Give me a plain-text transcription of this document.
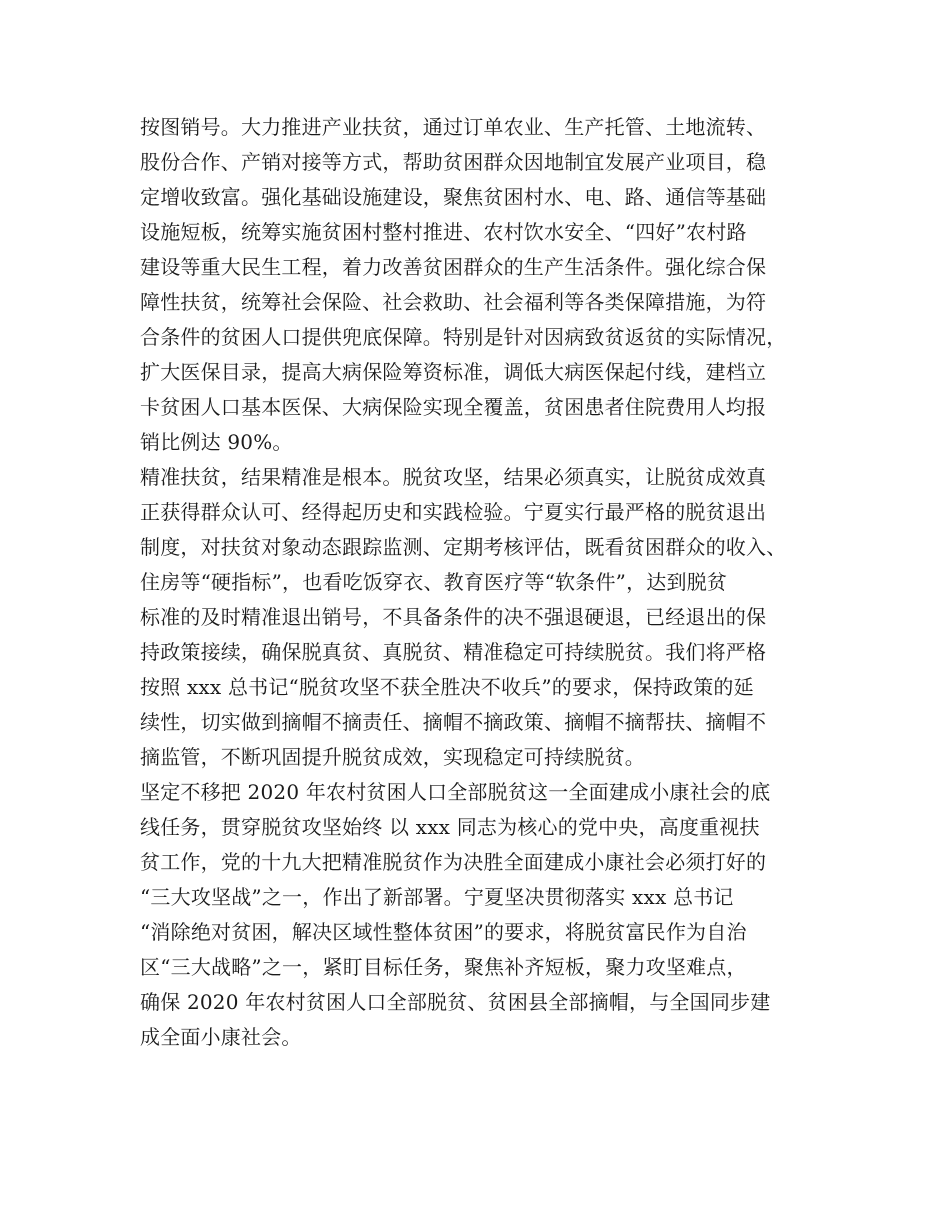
按图销号。大力推进产业扶贫，通过订单农业、生产托管、土地流转、
股份合作、产销对接等方式，帮助贫困群众因地制宜发展产业项目，稳
定增收致富。强化基础设施建设，聚焦贫困村水、电、路、通信等基础
设施短板，统筹实施贫困村整村推进、农村饮水安全、“四好”农村路
建设等重大民生工程，着力改善贫困群众的生产生活条件。强化综合保
障性扶贫，统筹社会保险、社会救助、社会福利等各类保障措施，为符
合条件的贫困人口提供兜底保障。特别是针对因病致贫返贫的实际情况，
扩大医保目录，提高大病保险筹资标准，调低大病医保起付线，建档立
卡贫困人口基本医保、大病保险实现全覆盖，贫困患者住院费用人均报
销比例达 90%。
精准扶贫，结果精准是根本。脱贫攻坚，结果必须真实，让脱贫成效真
正获得群众认可、经得起历史和实践检验。宁夏实行最严格的脱贫退出
制度，对扶贫对象动态跟踪监测、定期考核评估，既看贫困群众的收入、
住房等“硬指标”，也看吃饭穿衣、教育医疗等“软条件”，达到脱贫
标准的及时精准退出销号，不具备条件的决不强退硬退，已经退出的保
持政策接续，确保脱真贫、真脱贫、精准稳定可持续脱贫。我们将严格
按照 xxx 总书记“脱贫攻坚不获全胜决不收兵”的要求，保持政策的延
续性，切实做到摘帽不摘责任、摘帽不摘政策、摘帽不摘帮扶、摘帽不
摘监管，不断巩固提升脱贫成效，实现稳定可持续脱贫。
坚定不移把 2020 年农村贫困人口全部脱贫这一全面建成小康社会的底
线任务，贯穿脱贫攻坚始终 以 xxx 同志为核心的党中央，高度重视扶
贫工作，党的十九大把精准脱贫作为决胜全面建成小康社会必须打好的
“三大攻坚战”之一，作出了新部署。宁夏坚决贯彻落实 xxx 总书记
“消除绝对贫困，解决区域性整体贫困”的要求，将脱贫富民作为自治
区“三大战略”之一，紧盯目标任务，聚焦补齐短板，聚力攻坚难点，
确保 2020 年农村贫困人口全部脱贫、贫困县全部摘帽，与全国同步建
成全面小康社会。
